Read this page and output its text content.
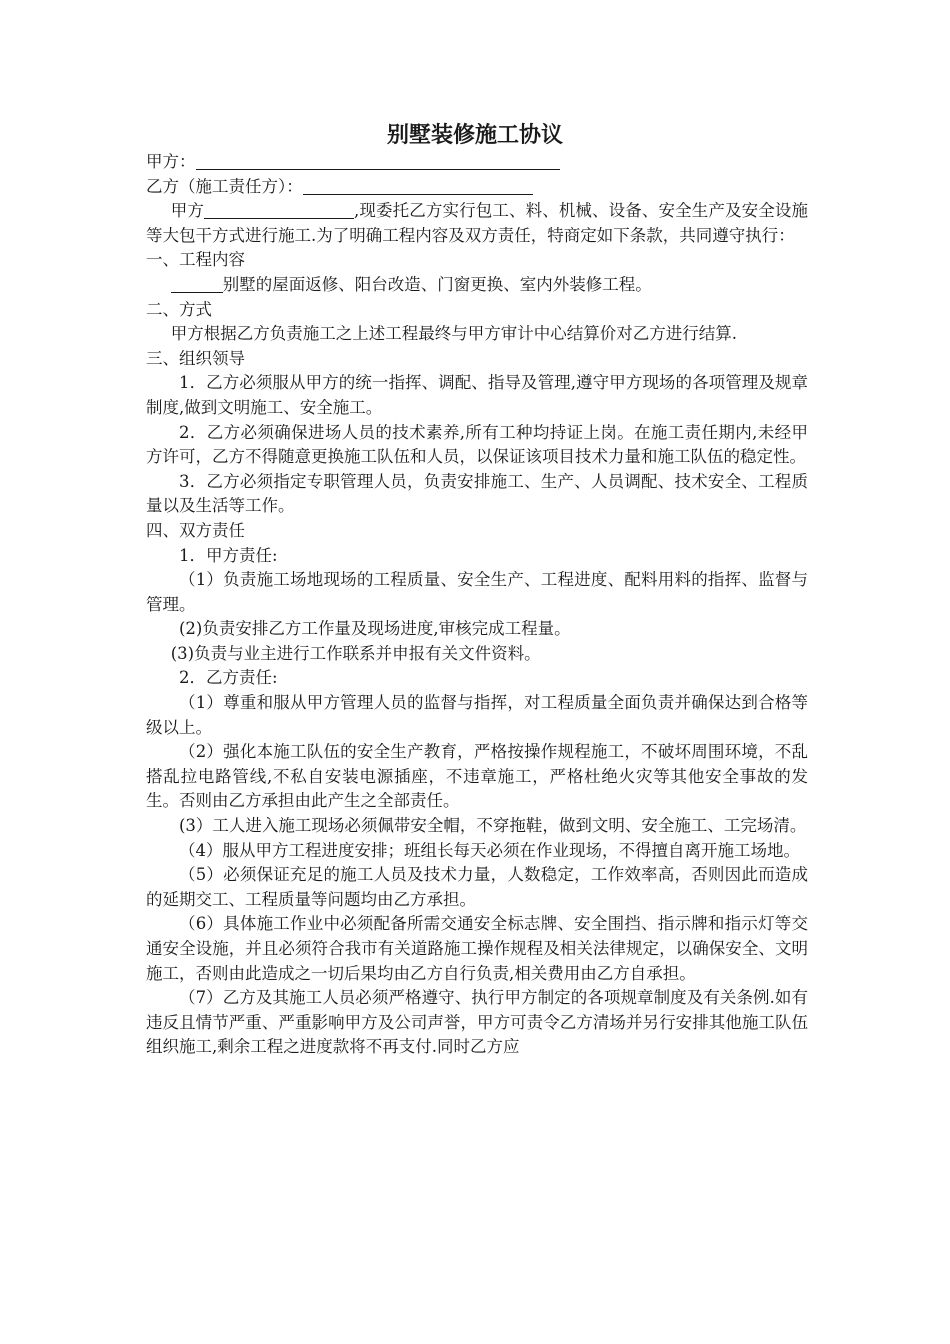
别墅装修施工协议

甲方：

乙方（施工责任方）：

甲方	,现委托乙方实行包工、料、机械、设备、安全生产及安全设施等大包干方式进行施工.为了明确工程内容及双方责任，特商定如下条款，共同遵守执行：

一、工程内容

别墅的屋面返修、阳台改造、门窗更换、室内外装修工程。

二、方式

甲方根据乙方负责施工之上述工程最终与甲方审计中心结算价对乙方进行结算.

三、组织领导

1．乙方必须服从甲方的统一指挥、调配、指导及管理,遵守甲方现场的各项管理及规章制度,做到文明施工、安全施工。

2．乙方必须确保进场人员的技术素养,所有工种均持证上岗。在施工责任期内,未经甲方许可，乙方不得随意更换施工队伍和人员，以保证该项目技术力量和施工队伍的稳定性。

3．乙方必须指定专职管理人员，负责安排施工、生产、人员调配、技术安全、工程质量以及生活等工作。

四、双方责任

1．甲方责任:

（1）负责施工场地现场的工程质量、安全生产、工程进度、配料用料的指挥、监督与管理。

(2)负责安排乙方工作量及现场进度,审核完成工程量。

(3)负责与业主进行工作联系并申报有关文件资料。

2．乙方责任:

（1）尊重和服从甲方管理人员的监督与指挥，对工程质量全面负责并确保达到合格等级以上。

（2）强化本施工队伍的安全生产教育，严格按操作规程施工，不破坏周围环境，不乱搭乱拉电路管线,不私自安装电源插座，不违章施工，严格杜绝火灾等其他安全事故的发生。否则由乙方承担由此产生之全部责任。

(3）工人进入施工现场必须佩带安全帽，不穿拖鞋，做到文明、安全施工、工完场清。

（4）服从甲方工程进度安排；班组长每天必须在作业现场，不得擅自离开施工场地。

（5）必须保证充足的施工人员及技术力量，人数稳定，工作效率高，否则因此而造成的延期交工、工程质量等问题均由乙方承担。

（6）具体施工作业中必须配备所需交通安全标志牌、安全围挡、指示牌和指示灯等交通安全设施，并且必须符合我市有关道路施工操作规程及相关法律规定，以确保安全、文明施工，否则由此造成之一切后果均由乙方自行负责,相关费用由乙方自承担。

（7）乙方及其施工人员必须严格遵守、执行甲方制定的各项规章制度及有关条例.如有违反且情节严重、严重影响甲方及公司声誉，甲方可责令乙方清场并另行安排其他施工队伍组织施工,剩余工程之进度款将不再支付.同时乙方应
